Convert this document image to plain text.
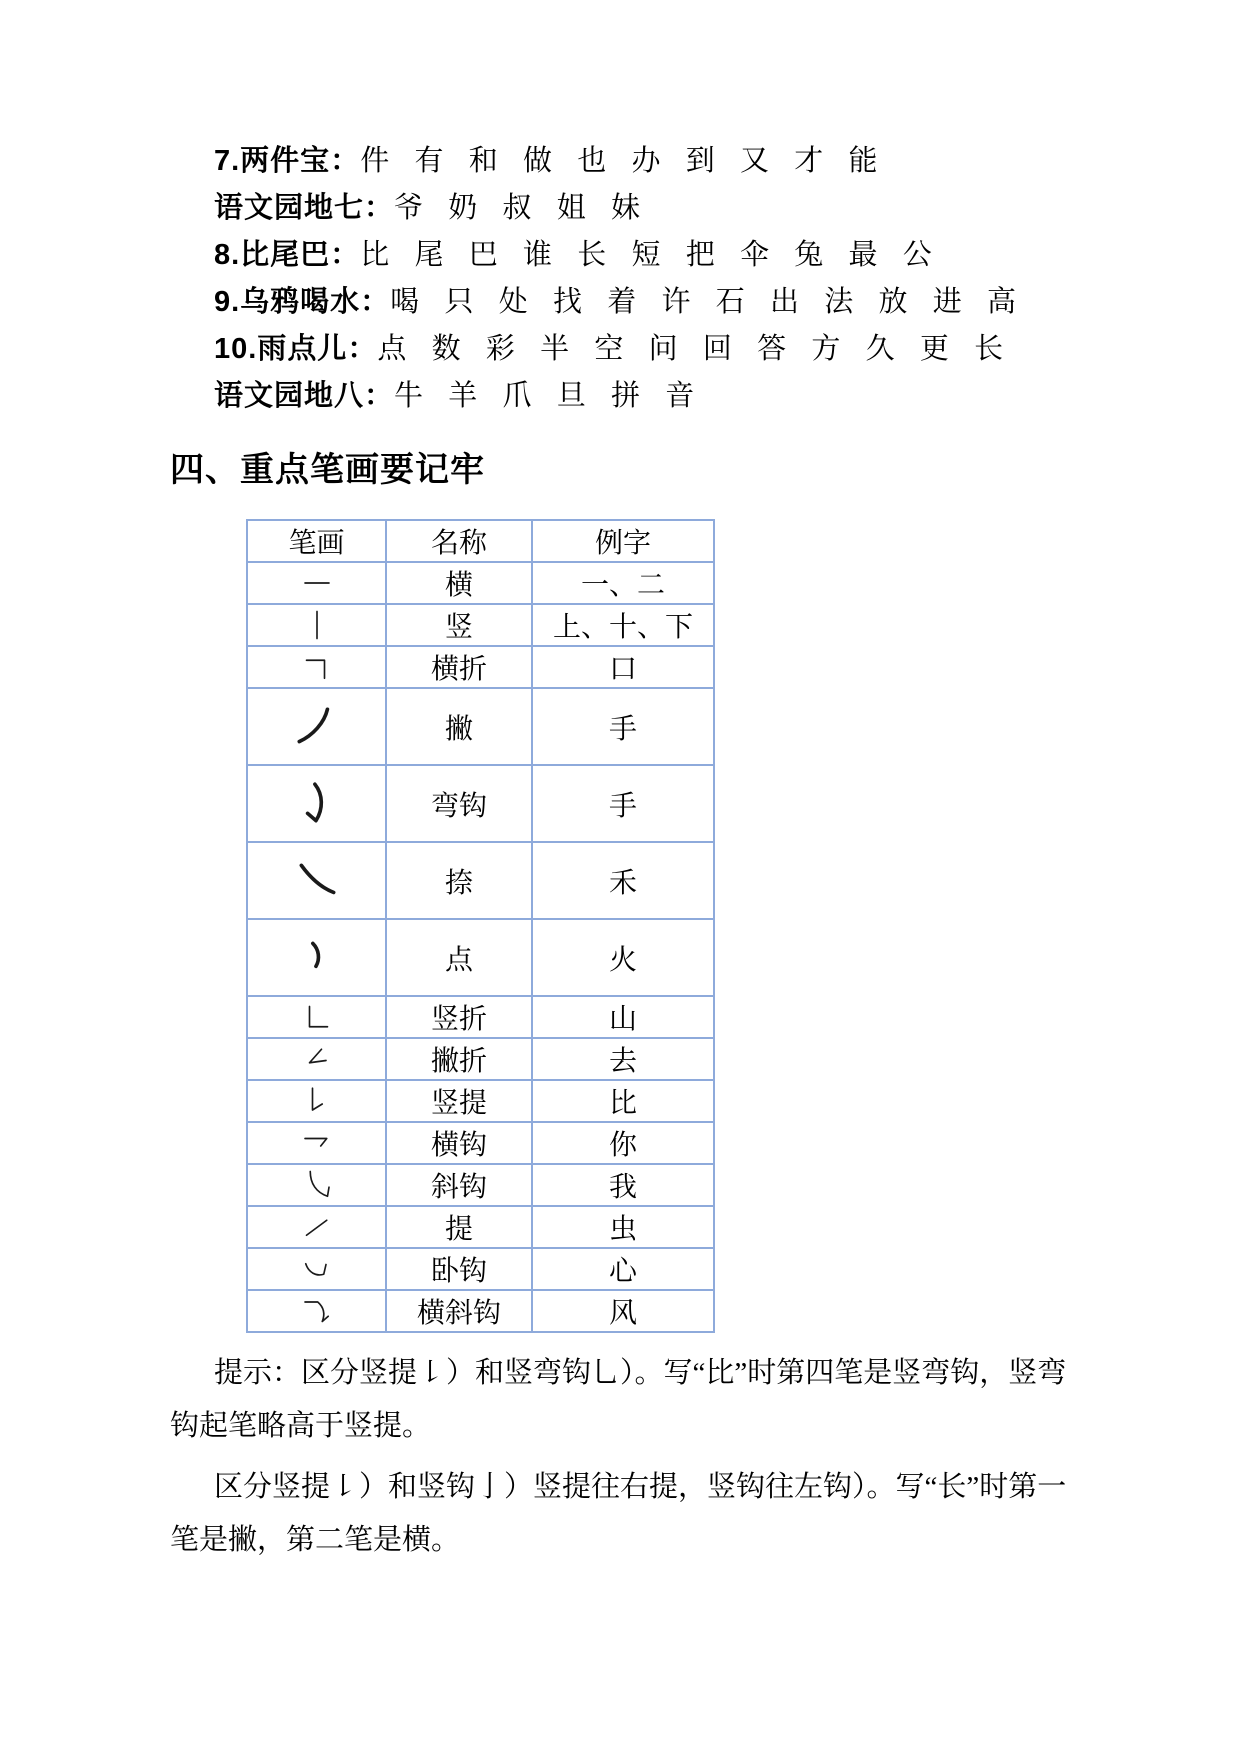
7.两件宝：件 有 和 做 也 办 到 又 才 能

语文园地七：爷 奶 叔 姐 妹

8.比尾巴：比 尾 巴 谁 长 短 把 伞 兔 最 公

9.乌鸦喝水：喝 只 处 找 着 许 石 出 法 放 进 高

10.雨点儿：点 数 彩 半 空 问 回 答 方 久 更 长

语文园地八：牛 羊 爪 旦 拼 音

四、重点笔画要记牢
笔画	名称	例字

	横	一、二

	竖	上、十、下

	横折	口

	撇	手

	弯钩	手

	捺	禾

	点	火

	竖折	山

	撇折	去

	竖提	比

	横钩	你

	斜钩	我

	提	虫

	卧钩	心

	横斜钩	风

提示：区分竖提㇙）和竖弯钩乚）。写“比”时第四笔是竖弯钩，竖弯钩起笔略高于竖提。

区分竖提㇙）和竖钩亅）竖提往右提，竖钩往左钩）。写“长”时第一笔是撇，第二笔是横。
